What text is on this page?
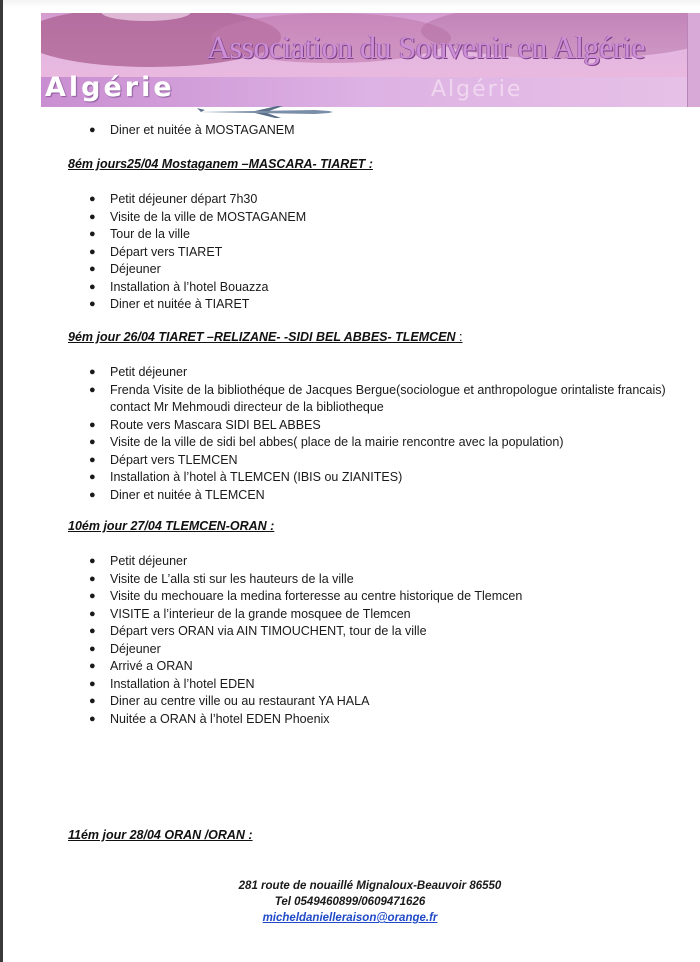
Association du Souvenir en Algérie
Algérie	Algérie
● Diner et nuitée à MOSTAGANEM
8ém jours25/04 Mostaganem –MASCARA- TIARET :
● Petit déjeuner départ 7h30
● Visite de la ville de MOSTAGANEM
● Tour de la ville
● Départ vers TIARET
● Déjeuner
● Installation à l’hotel Bouazza
● Diner et nuitée à TIARET
9ém jour 26/04 TIARET –RELIZANE- -SIDI BEL ABBES- TLEMCEN :
● Petit déjeuner
● Frenda Visite de la bibliothéque de Jacques Bergue(sociologue et anthropologue orintaliste francais) contact Mr Mehmoudi directeur de la bibliotheque
● Route vers Mascara SIDI BEL ABBES
● Visite de la ville de sidi bel abbes( place de la mairie rencontre avec la population)
● Départ vers TLEMCEN
● Installation à l’hotel à TLEMCEN (IBIS ou ZIANITES)
● Diner et nuitée à TLEMCEN
10ém jour 27/04 TLEMCEN-ORAN :
● Petit déjeuner
● Visite de L’alla sti sur les hauteurs de la ville
● Visite du mechouare la medina forteresse au centre historique de Tlemcen
● VISITE a l’interieur de la grande mosquee de Tlemcen
● Départ vers ORAN via AIN TIMOUCHENT, tour de la ville
● Déjeuner
● Arrivé a ORAN
● Installation à l’hotel EDEN
● Diner au centre ville ou au restaurant YA HALA
● Nuitée a ORAN à l’hotel EDEN Phoenix
11ém jour 28/04 ORAN /ORAN :
281 route de nouaillé Mignaloux-Beauvoir 86550
Tel 0549460899/0609471626
micheldanielleraison@orange.fr
